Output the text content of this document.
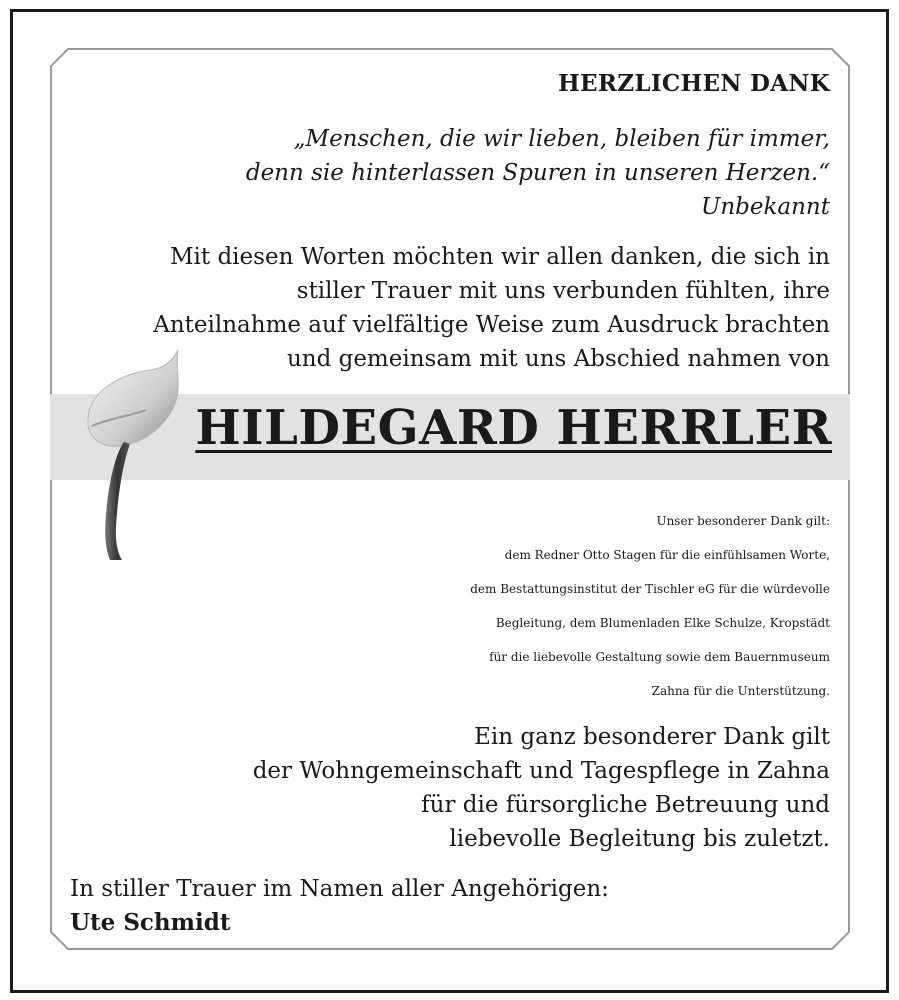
HERZLICHEN DANK
„Menschen, die wir lieben, bleiben für immer,
denn sie hinterlassen Spuren in unseren Herzen.“
Unbekannt
Mit diesen Worten möchten wir allen danken, die sich in
stiller Trauer mit uns verbunden fühlten, ihre
Anteilnahme auf vielfältige Weise zum Ausdruck brachten
und gemeinsam mit uns Abschied nahmen von
HILDEGARD HERRLER
Unser besonderer Dank gilt:
dem Redner Otto Stagen für die einfühlsamen Worte,
dem Bestattungsinstitut der Tischler eG für die würdevolle
Begleitung, dem Blumenladen Elke Schulze, Kropstädt
für die liebevolle Gestaltung sowie dem Bauernmuseum
Zahna für die Unterstützung.
Ein ganz besonderer Dank gilt
der Wohngemeinschaft und Tagespflege in Zahna
für die fürsorgliche Betreuung und
liebevolle Begleitung bis zuletzt.
In stiller Trauer im Namen aller Angehörigen:
Ute Schmidt
